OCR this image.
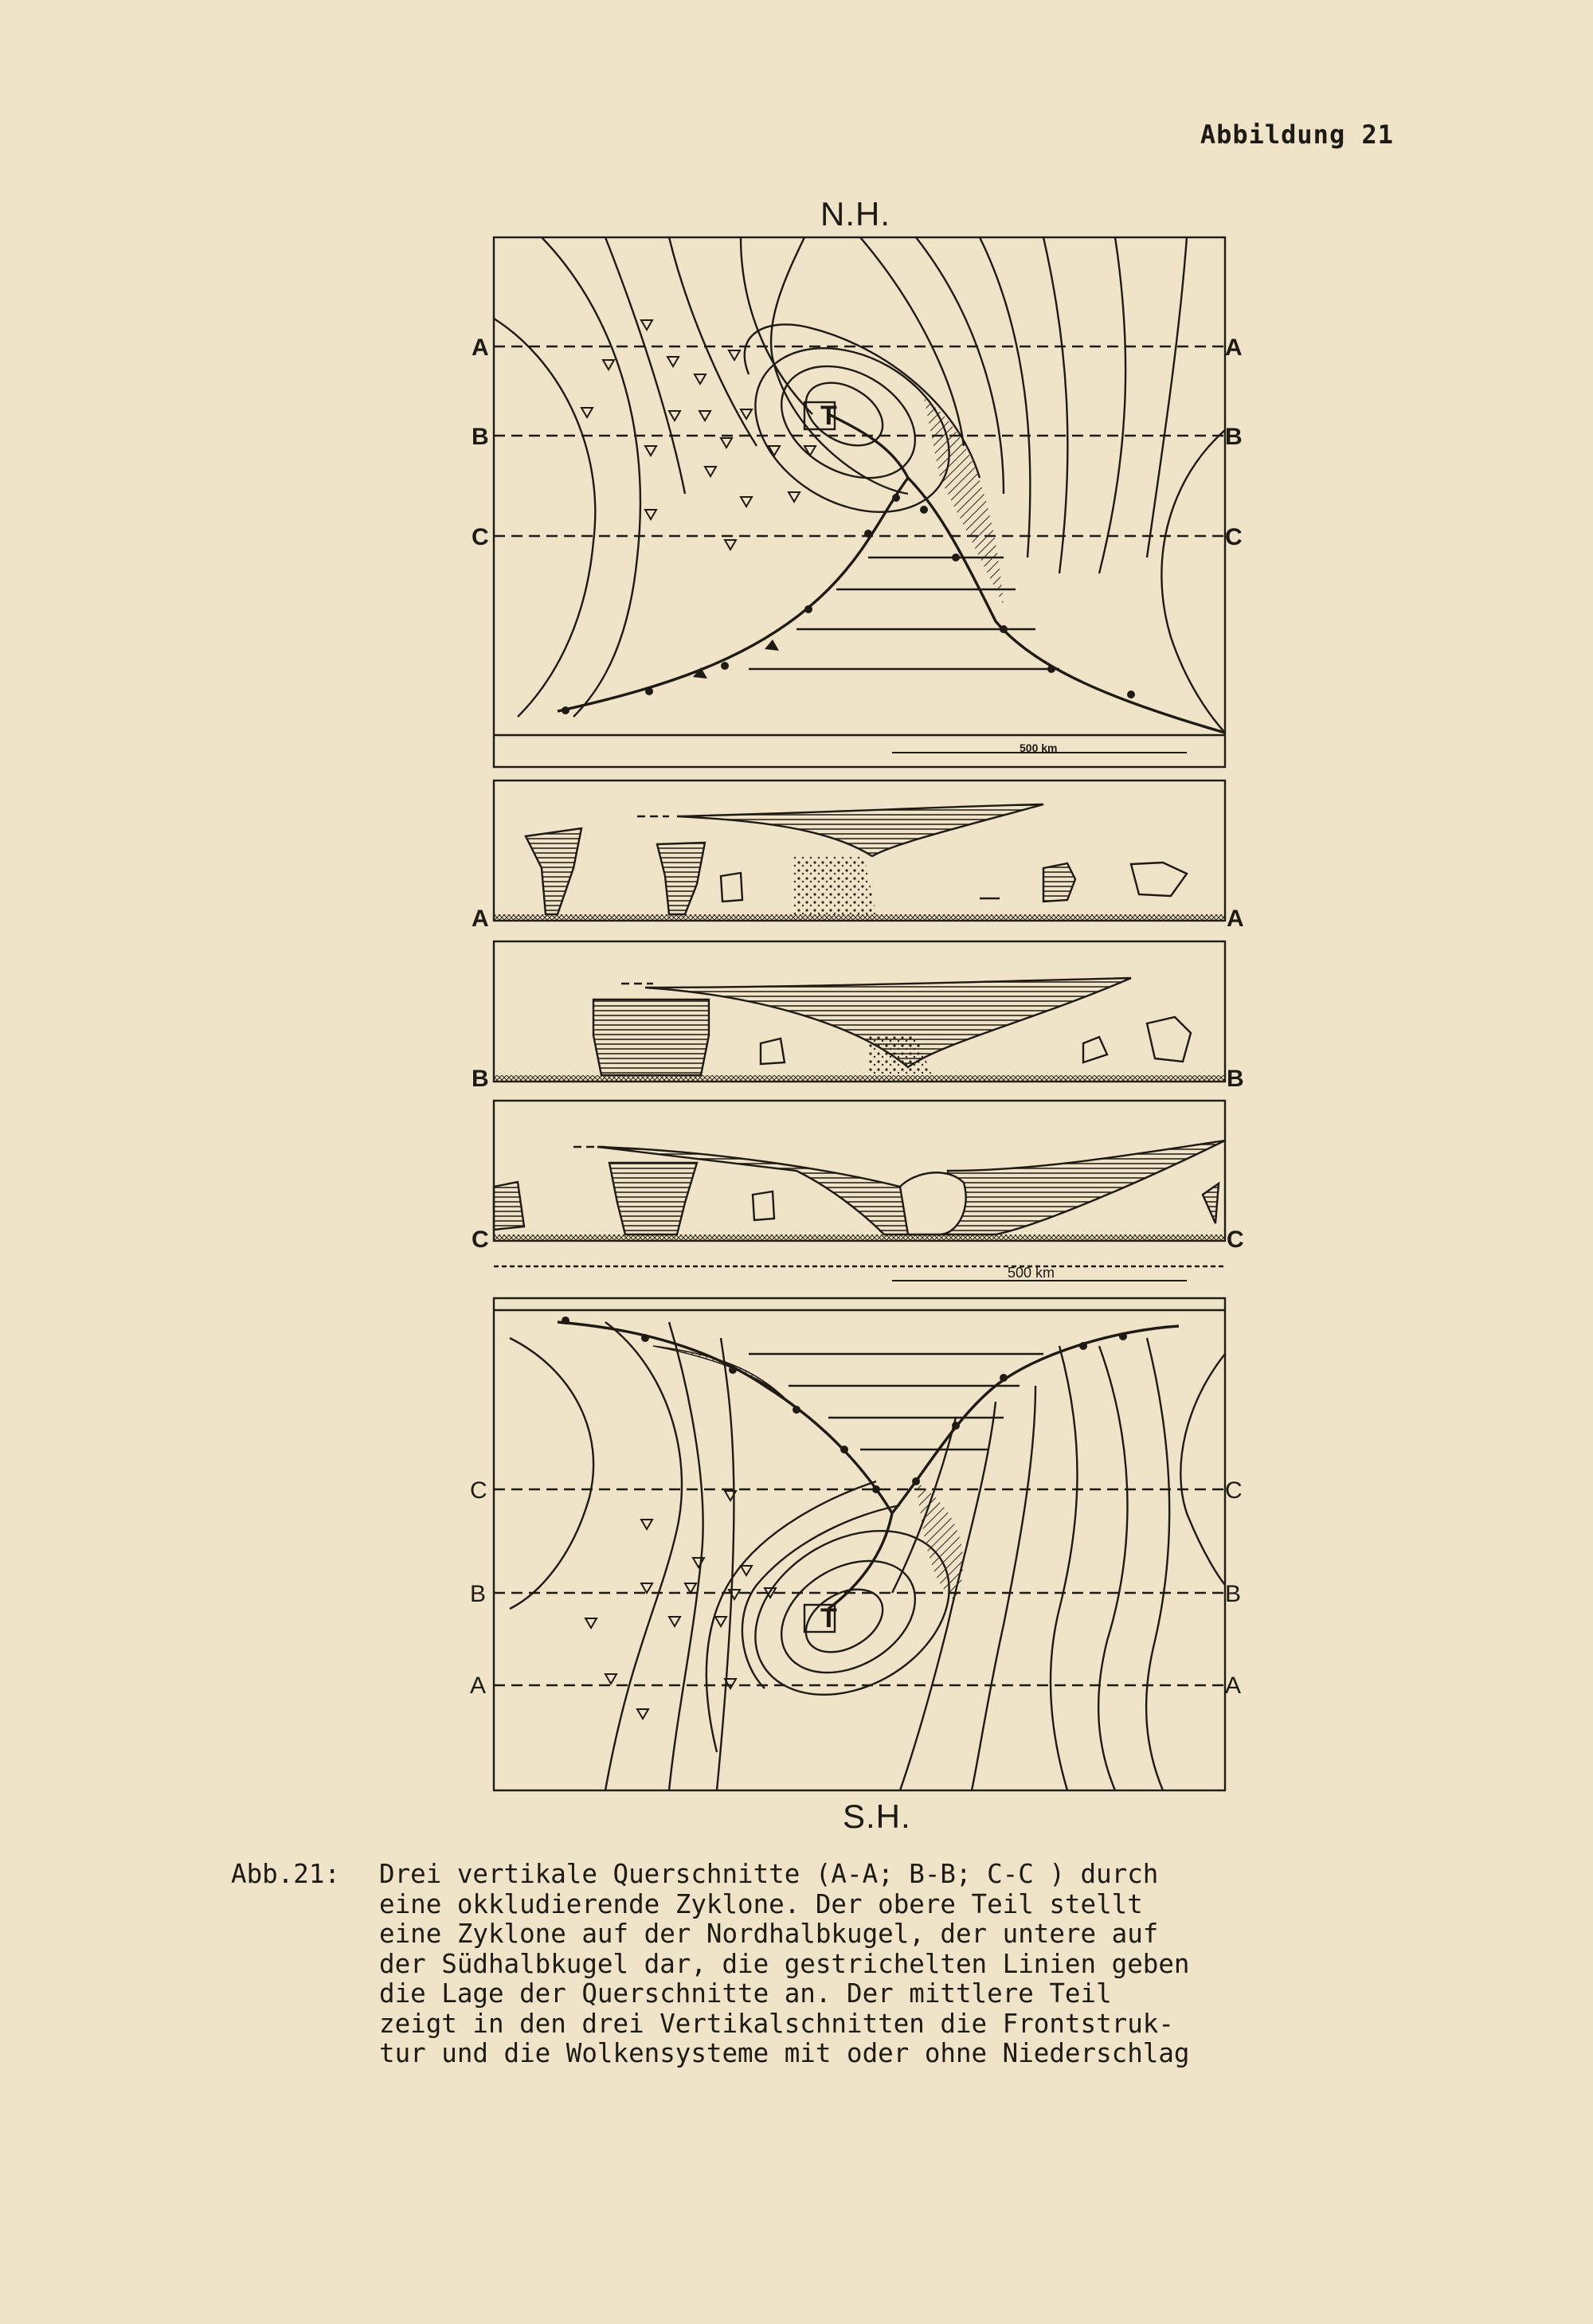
Abbildung 21
N.H.
S.H.
A	A
B	B
C	C
A	A
B	B
C	C
C	C
B	B
A	A
T
T
500 km
500 km
Abb.21: Drei vertikale Querschnitte (A-A; B-B; C-C ) durch
eine okkludierende Zyklone. Der obere Teil stellt
eine Zyklone auf der Nordhalbkugel, der untere auf
der Südhalbkugel dar, die gestrichelten Linien geben
die Lage der Querschnitte an. Der mittlere Teil
zeigt in den drei Vertikalschnitten die Frontstruk-
tur und die Wolkensysteme mit oder ohne Niederschlag
